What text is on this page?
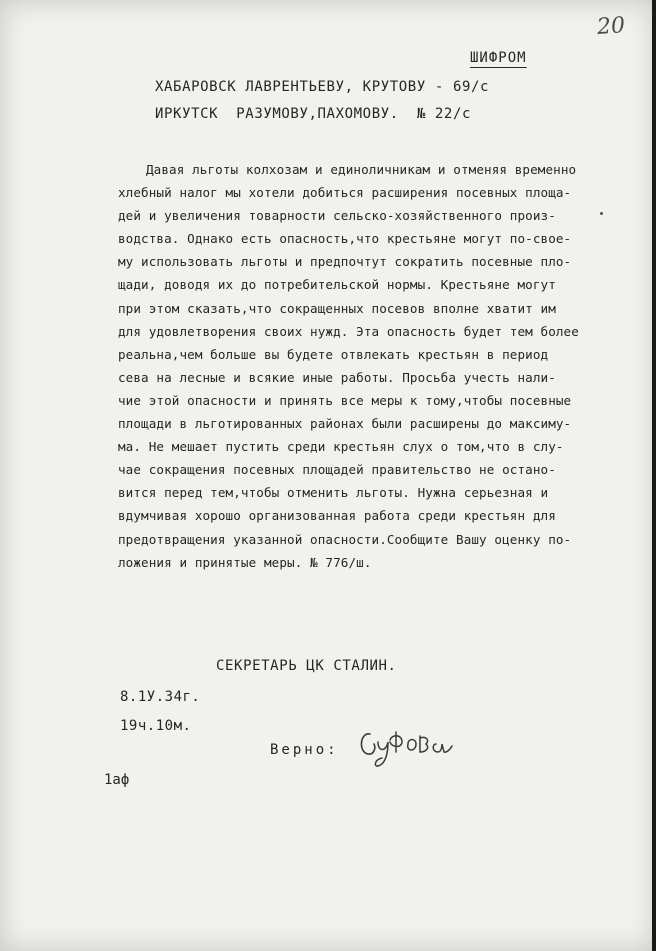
20
ШИФРОМ
ХАБАРОВСК ЛАВРЕНТЬЕВУ, КРУТОВУ - 69/с
ИРКУТСК  РАЗУМОВУ,ПАХОМОВУ.  № 22/с
Давая льготы колхозам и единоличникам и отменяя временно
хлебный налог мы хотели добиться расширения посевных площа-
дей и увеличения товарности сельско-хозяйственного произ-
водства. Однако есть опасность,что крестьяне могут по-свое-
му использовать льготы и предпочтут сократить посевные пло-
щади, доводя их до потребительской нормы. Крестьяне могут
при этом сказать,что сокращенных посевов вполне хватит им
для удовлетворения своих нужд. Эта опасность будет тем более
реальна,чем больше вы будете отвлекать крестьян в период
сева на лесные и всякие иные работы. Просьба учесть нали-
чие этой опасности и принять все меры к тому,чтобы посевные
площади в льготированных районах были расширены до максиму-
ма. Не мешает пустить среди крестьян слух о том,что в слу-
чае сокращения посевных площадей правительство не остано-
вится перед тем,чтобы отменить льготы. Нужна серьезная и
вдумчивая хорошо организованная работа среди крестьян для
предотвращения указанной опасности.Сообщите Вашу оценку по-
ложения и принятые меры. № 776/ш.
СЕКРЕТАРЬ ЦК СТАЛИН.
8.1У.34г.
19ч.10м.
Верно:
1аф
